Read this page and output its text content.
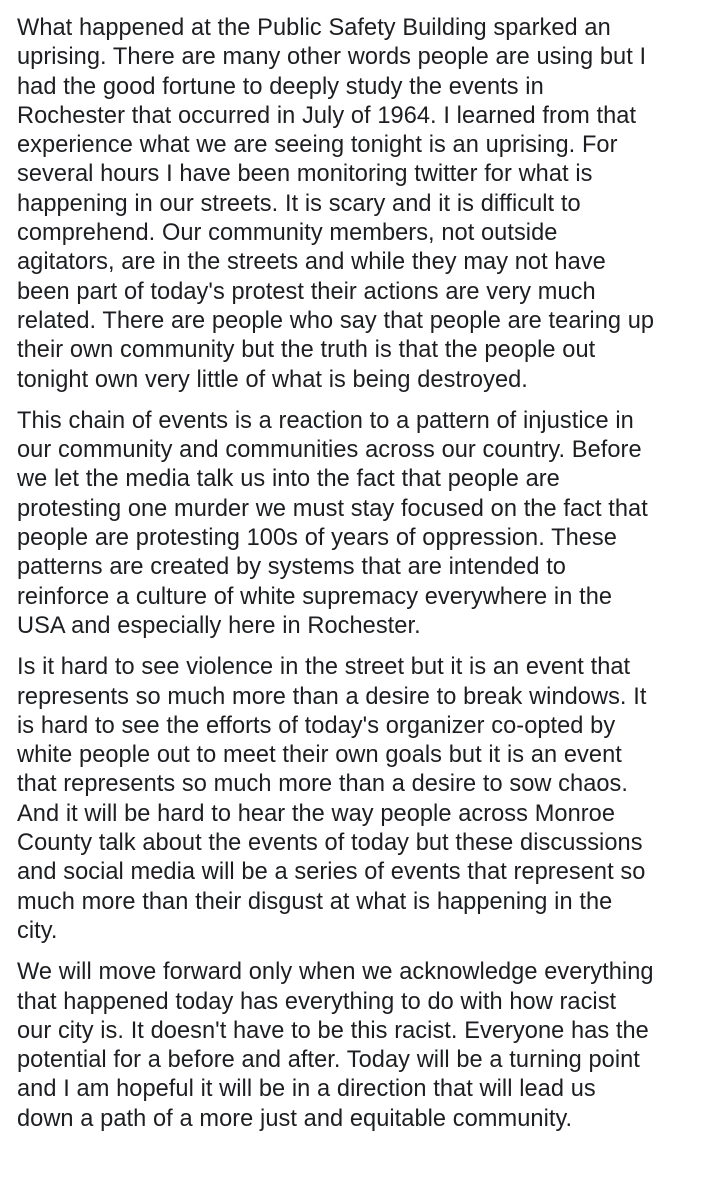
What happened at the Public Safety Building sparked an
uprising. There are many other words people are using but I
had the good fortune to deeply study the events in
Rochester that occurred in July of 1964. I learned from that
experience what we are seeing tonight is an uprising. For
several hours I have been monitoring twitter for what is
happening in our streets. It is scary and it is difficult to
comprehend. Our community members, not outside
agitators, are in the streets and while they may not have
been part of today's protest their actions are very much
related. There are people who say that people are tearing up
their own community but the truth is that the people out
tonight own very little of what is being destroyed.

This chain of events is a reaction to a pattern of injustice in
our community and communities across our country. Before
we let the media talk us into the fact that people are
protesting one murder we must stay focused on the fact that
people are protesting 100s of years of oppression. These
patterns are created by systems that are intended to
reinforce a culture of white supremacy everywhere in the
USA and especially here in Rochester.

Is it hard to see violence in the street but it is an event that
represents so much more than a desire to break windows. It
is hard to see the efforts of today's organizer co-opted by
white people out to meet their own goals but it is an event
that represents so much more than a desire to sow chaos.
And it will be hard to hear the way people across Monroe
County talk about the events of today but these discussions
and social media will be a series of events that represent so
much more than their disgust at what is happening in the
city.

We will move forward only when we acknowledge everything
that happened today has everything to do with how racist
our city is. It doesn't have to be this racist. Everyone has the
potential for a before and after. Today will be a turning point
and I am hopeful it will be in a direction that will lead us
down a path of a more just and equitable community.
